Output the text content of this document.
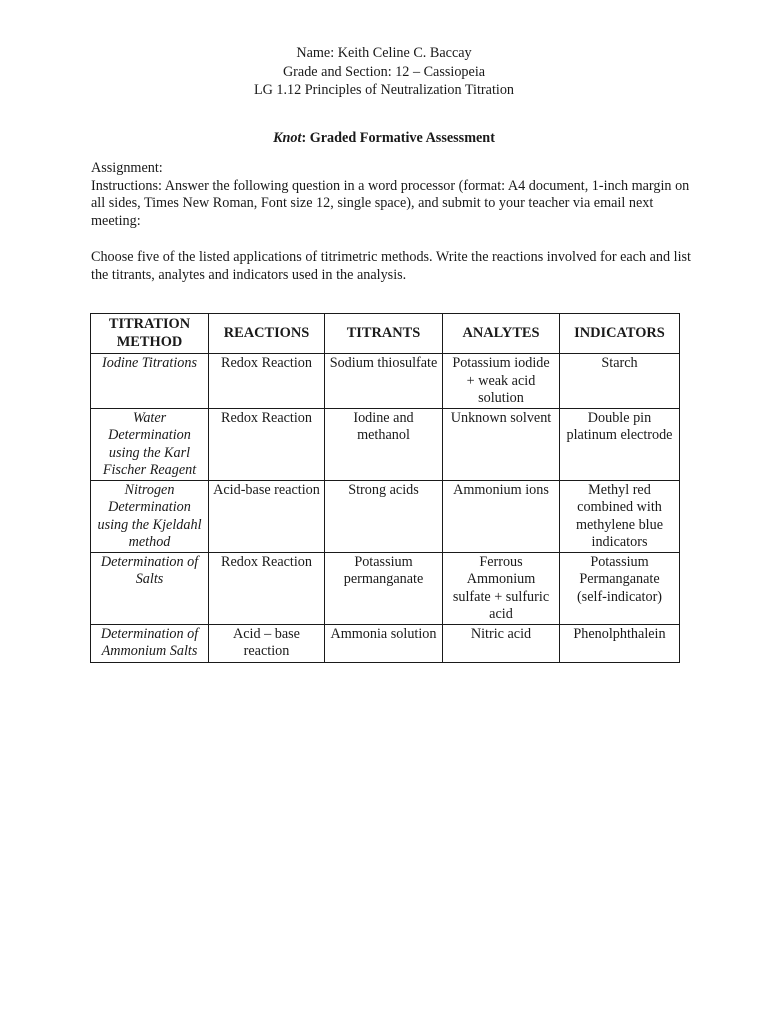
Name: Keith Celine C. Baccay
Grade and Section: 12 – Cassiopeia
LG 1.12 Principles of Neutralization Titration
Knot: Graded Formative Assessment
Assignment:
Instructions: Answer the following question in a word processor (format: A4 document, 1-inch margin on all sides, Times New Roman, Font size 12, single space), and submit to your teacher via email next meeting:
Choose five of the listed applications of titrimetric methods. Write the reactions involved for each and list the titrants, analytes and indicators used in the analysis.
TITRATION METHOD	REACTIONS	TITRANTS	ANALYTES	INDICATORS
Iodine Titrations	Redox Reaction	Sodium thiosulfate	Potassium iodide + weak acid solution	Starch
Water Determination using the Karl Fischer Reagent	Redox Reaction	Iodine and methanol	Unknown solvent	Double pin platinum electrode
Nitrogen Determination using the Kjeldahl method	Acid-base reaction	Strong acids	Ammonium ions	Methyl red combined with methylene blue indicators
Determination of Salts	Redox Reaction	Potassium permanganate	Ferrous Ammonium sulfate + sulfuric acid	Potassium Permanganate (self-indicator)
Determination of Ammonium Salts	Acid – base reaction	Ammonia solution	Nitric acid	Phenolphthalein
